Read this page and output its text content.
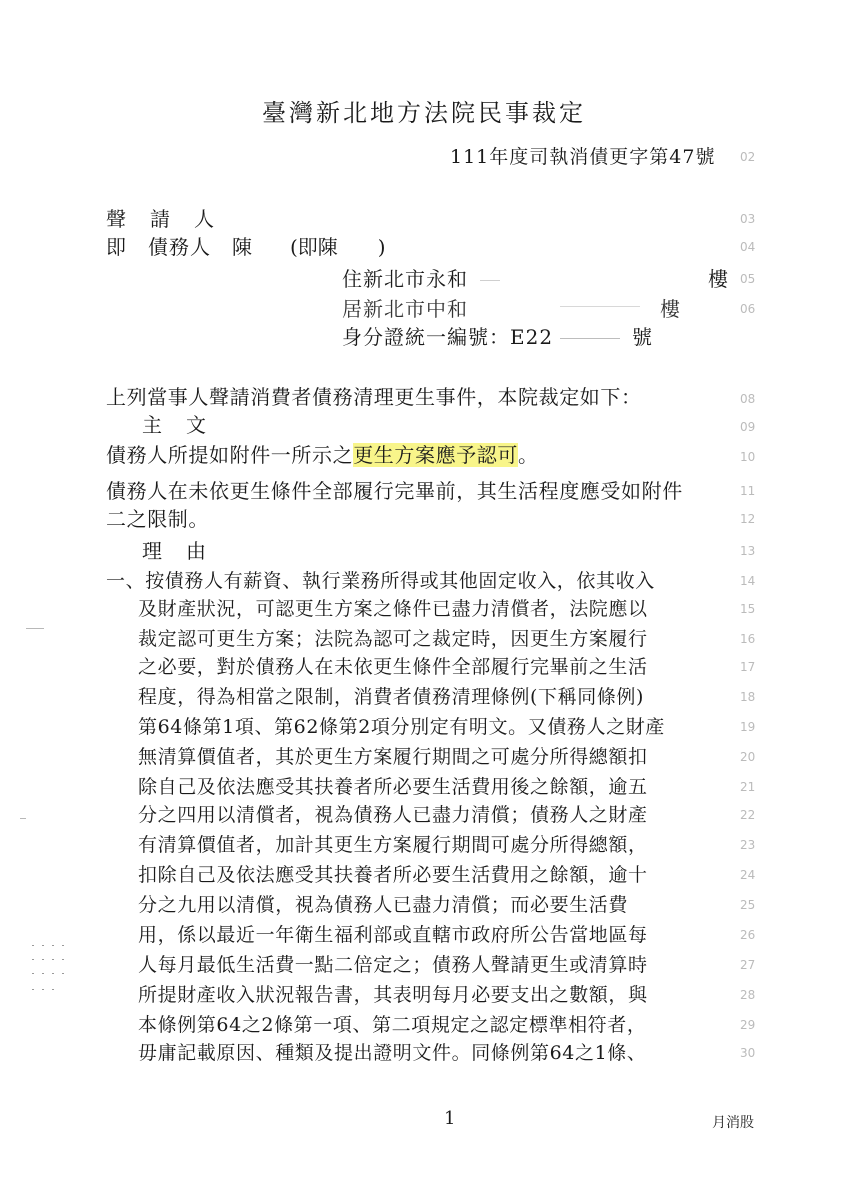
臺灣新北地方法院民事裁定
111年度司執消債更字第47號
聲　請　人
即　債務人　陳 (即陳　　)
住新北市永和	樓
居新北市中和	樓
身分證統一編號：E22	號
上列當事人聲請消費者債務清理更生事件，本院裁定如下：
主　文
債務人所提如附件一所示之更生方案應予認可。
債務人在未依更生條件全部履行完畢前，其生活程度應受如附件
二之限制。
理　由
一、按債務人有薪資、執行業務所得或其他固定收入，依其收入
及財產狀況，可認更生方案之條件已盡力清償者，法院應以
裁定認可更生方案；法院為認可之裁定時，因更生方案履行
之必要，對於債務人在未依更生條件全部履行完畢前之生活
程度，得為相當之限制，消費者債務清理條例(下稱同條例)
第64條第1項、第62條第2項分別定有明文。又債務人之財產
無清算價值者，其於更生方案履行期間之可處分所得總額扣
除自己及依法應受其扶養者所必要生活費用後之餘額，逾五
分之四用以清償者，視為債務人已盡力清償；債務人之財產
有清算價值者，加計其更生方案履行期間可處分所得總額，
扣除自己及依法應受其扶養者所必要生活費用之餘額，逾十
分之九用以清償，視為債務人已盡力清償；而必要生活費
用，係以最近一年衛生福利部或直轄市政府所公告當地區每
人每月最低生活費一點二倍定之；債務人聲請更生或清算時
所提財產收入狀況報告書，其表明每月必要支出之數額，與
本條例第64之2條第一項、第二項規定之認定標準相符者，
毋庸記載原因、種類及提出證明文件。同條例第64之1條、
02
03
04
05
06
08
09
10
11
12
13
14
15
16
17
18
19
20
21
22
23
24
25
26
27
28
29
30
1	月消股
